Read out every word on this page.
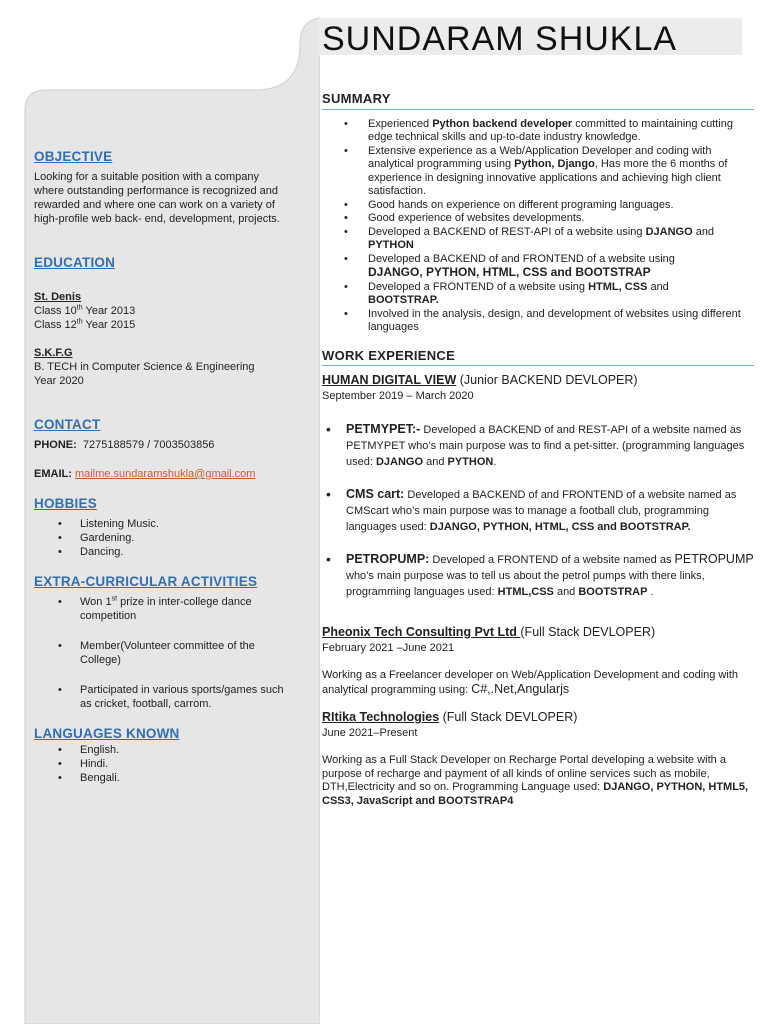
SUNDARAM SHUKLA
OBJECTIVE

Looking for a suitable position with a company where outstanding performance is recognized and rewarded and where one can work on a variety of high-profile web back- end, development, projects.

EDUCATION

St. Denis

Class 10th Year 2013

Class 12th Year 2015

S.K.F.G

B. TECH in Computer Science & Engineering

Year 2020

CONTACT

PHONE: 7275188579 / 7003503856

EMAIL: mailme.sundaramshukla@gmail.com

HOBBIES
• Listening Music.
• Gardening.
• Dancing.
EXTRA-CURRICULAR ACTIVITIES
• Won 1st prize in inter-college dance competition
• Member(Volunteer committee of the College)
• Participated in various sports/games such as cricket, football, carrom.
LANGUAGES KNOWN
• English.
• Hindi.
• Bengali.
SUMMARY
• Experienced Python backend developer committed to maintaining cutting edge technical skills and up-to-date industry knowledge.
• Extensive experience as a Web/Application Developer and coding with analytical programming using Python, Django, Has more the 6 months of experience in designing innovative applications and achieving high client satisfaction.
• Good hands on experience on different programing languages.
• Good experience of websites developments.
• Developed a BACKEND of REST-API of a website using DJANGO and
PYTHON
• Developed a BACKEND of and FRONTEND of a website using
DJANGO, PYTHON, HTML, CSS and BOOTSTRAP
• Developed a FRONTEND of a website using HTML, CSS and
BOOTSTRAP.
• Involved in the analysis, design, and development of websites using different languages
WORK EXPERIENCE
HUMAN DIGITAL VIEW (Junior BACKEND DEVLOPER)
September 2019 – March 2020
• PETMYPET:- Developed a BACKEND of and REST-API of a website named as PETMYPET who’s main purpose was to find a pet-sitter. (programming languages used: DJANGO and PYTHON.
• CMS cart: Developed a BACKEND of and FRONTEND of a website named as CMScart who’s main purpose was to manage a football club, programming languages used: DJANGO, PYTHON, HTML, CSS and BOOTSTRAP.
• PETROPUMP: Developed a FRONTEND of a website named as PETROPUMP who’s main purpose was to tell us about the petrol pumps with there links, programming languages used: HTML,CSS and BOOTSTRAP .
Pheonix Tech Consulting Pvt Ltd (Full Stack DEVLOPER)
February 2021 –June 2021

Working as a Freelancer developer on Web/Application Development and coding with analytical programming using: C#,.Net,Angularjs

RItika Technologies (Full Stack DEVLOPER)
June 2021–Present

Working as a Full Stack Developer on Recharge Portal developing a website with a purpose of recharge and payment of all kinds of online services such as mobile, DTH,Electricity and so on. Programming Language used: DJANGO, PYTHON, HTML5, CSS3, JavaScript and BOOTSTRAP4
